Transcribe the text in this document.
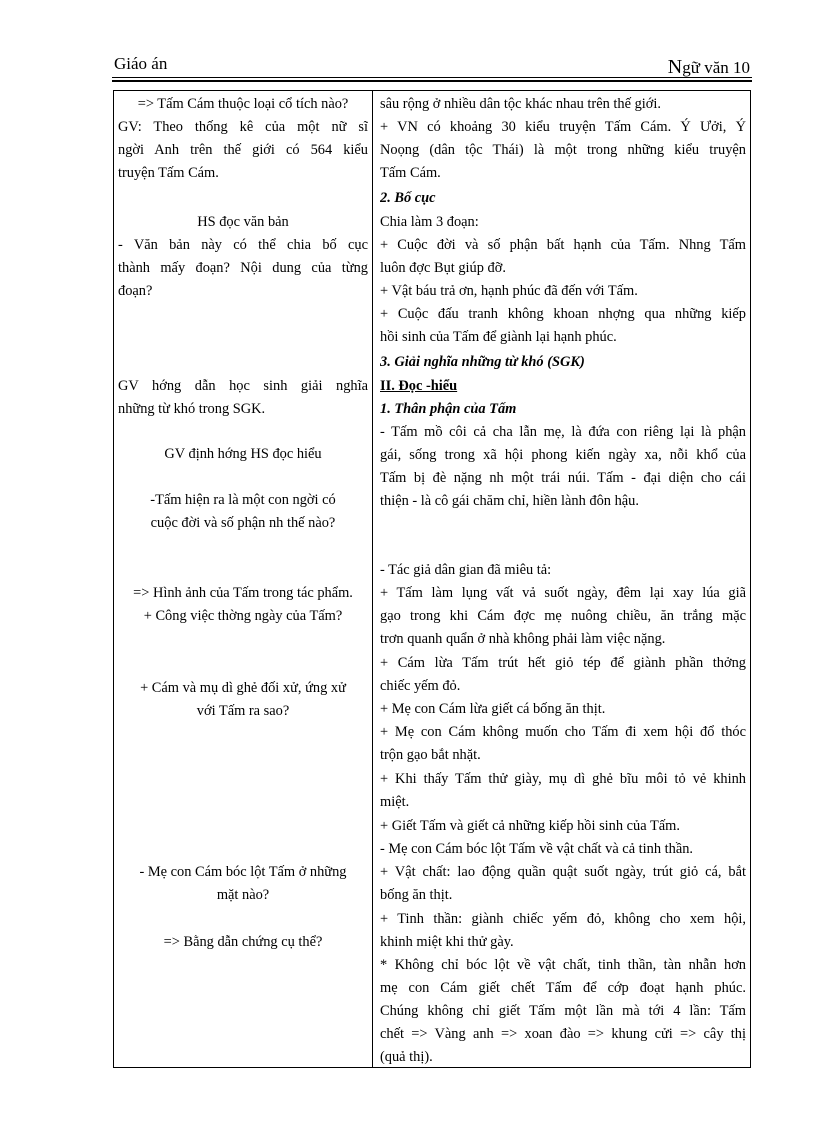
Giáo án	Ngữ văn 10
=> Tấm Cám thuộc loại cổ tích nào?
GV: Theo thống kê của một nữ sĩ
ngời Anh trên thế giới có 564 kiểu
truyện Tấm Cám.
HS đọc văn bản
- Văn bản này có thể chia bố cục
thành mấy đoạn? Nội dung của từng
đoạn?
GV hớng dẫn học sinh giải nghĩa
những từ khó trong SGK.
GV định hớng HS đọc hiểu
-Tấm hiện ra là một con ngời có
cuộc đời và số phận nh thế nào?
=> Hình ảnh của Tấm trong tác phẩm.
+ Công việc thờng ngày của Tấm?
+ Cám và mụ dì ghẻ đối xử, ứng xử
với Tấm ra sao?
- Mẹ con Cám bóc lột Tấm ở những
mặt nào?
=> Bằng dẫn chứng cụ thể?
sâu rộng ở nhiều dân tộc khác nhau trên thế giới.
+ VN có khoảng 30 kiểu truyện Tấm Cám. Ý Ưởi, Ý
Noọng (dân tộc Thái) là một trong những kiểu truyện
Tấm Cám.
2. Bố cục
Chia làm 3 đoạn:
+ Cuộc đời và số phận bất hạnh của Tấm. Nhng Tấm
luôn đợc Bụt giúp đỡ.
+ Vật báu trả ơn, hạnh phúc đã đến với Tấm.
+ Cuộc đấu tranh không khoan nhợng qua những kiếp
hồi sinh của Tấm để giành lại hạnh phúc.
3. Giải nghĩa những từ khó (SGK)
II. Đọc -hiểu
1. Thân phận của Tấm
- Tấm mồ côi cả cha lẫn mẹ, là đứa con riêng lại là phận
gái, sống trong xã hội phong kiến ngày xa, nỗi khổ của
Tấm bị đè nặng nh một trái núi. Tấm - đại diện cho cái
thiện - là cô gái chăm chỉ, hiền lành đôn hậu.
- Tác giả dân gian đã miêu tả:
+ Tấm làm lụng vất vả suốt ngày, đêm lại xay lúa giã
gạo trong khi Cám đợc mẹ nuông chiều, ăn trắng mặc
trơn quanh quẩn ở nhà không phải làm việc nặng.
+ Cám lừa Tấm trút hết giỏ tép để giành phần thởng
chiếc yếm đỏ.
+ Mẹ con Cám lừa giết cá bống ăn thịt.
+ Mẹ con Cám không muốn cho Tấm đi xem hội đổ thóc
trộn gạo bắt nhặt.
+ Khi thấy Tấm thử giày, mụ dì ghẻ bĩu môi tỏ vẻ khinh
miệt.
+ Giết Tấm và giết cả những kiếp hồi sinh của Tấm.
- Mẹ con Cám bóc lột Tấm về vật chất và cả tinh thần.
+ Vật chất: lao động quần quật suốt ngày, trút giỏ cá, bắt
bống ăn thịt.
+ Tinh thần: giành chiếc yếm đỏ, không cho xem hội,
khinh miệt khi thử gày.
* Không chỉ bóc lột về vật chất, tinh thần, tàn nhẫn hơn
mẹ con Cám giết chết Tấm để cớp đoạt hạnh phúc.
Chúng không chỉ giết Tấm một lần mà tới 4 lần: Tấm
chết => Vàng anh => xoan đào => khung cửi => cây thị
(quả thị).
